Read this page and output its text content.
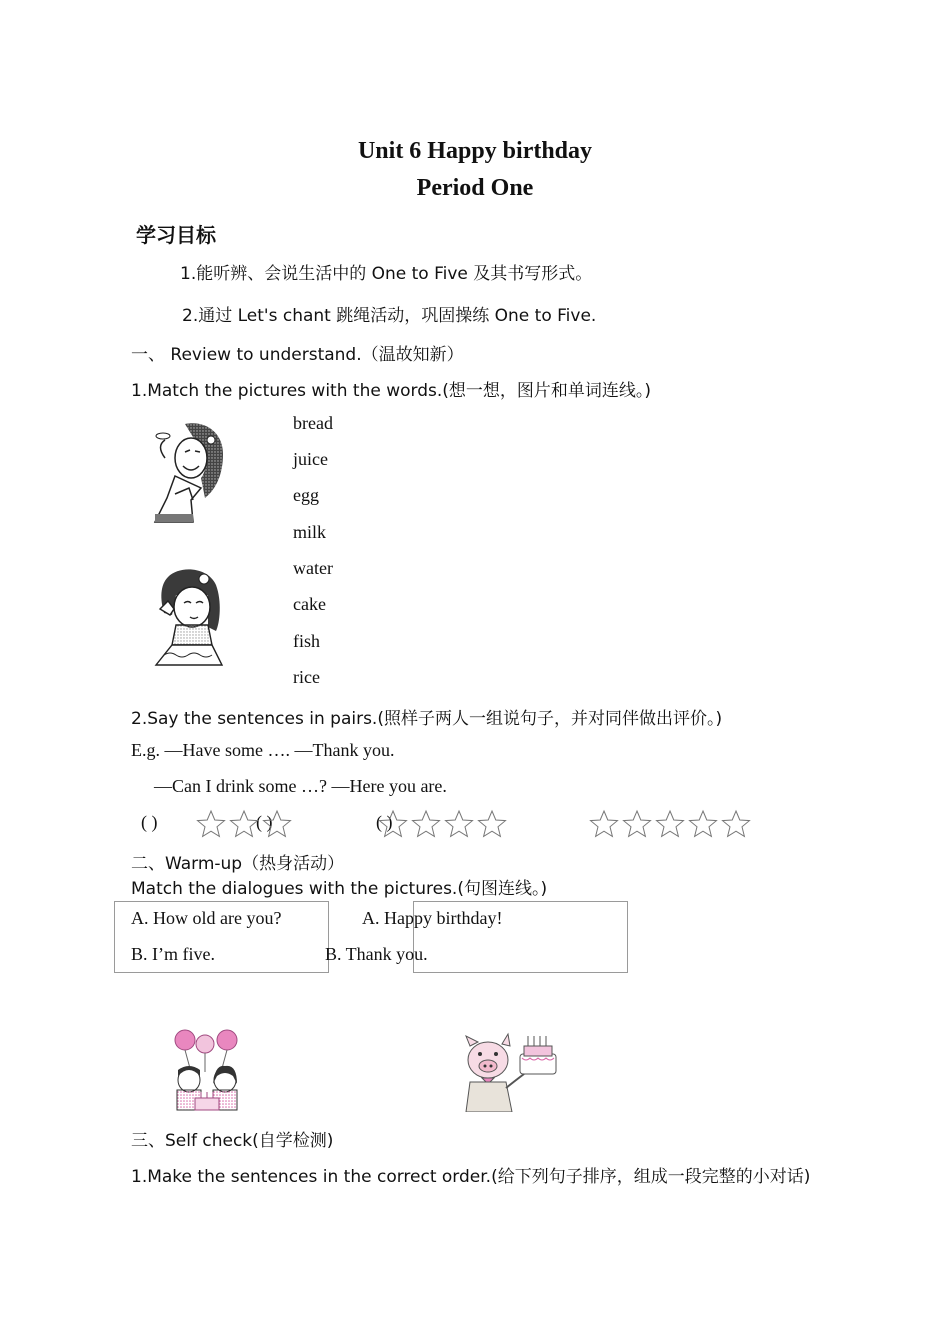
Unit 6 Happy birthday
Period One
学习目标
1.能听辨、会说生活中的 One to Five 及其书写形式。
2.通过 Let's chant 跳绳活动，巩固操练 One to Five.
一、 Review to understand.（温故知新）
1.Match the pictures with the words.(想一想，图片和单词连线。)
bread
juice
egg
milk
water
cake
fish
rice
2.Say the sentences in pairs.(照样子两人一组说句子，并对同伴做出评价。)
E.g. —Have some …. —Thank you.
—Can I drink some …? —Here you are.
( )	( )	( )
二、Warm-up（热身活动）
Match the dialogues with the pictures.(句图连线。)
A. How old are you?
B. I’m five.
A. Happy birthday!
B. Thank you.
三、Self check(自学检测)
1.Make the sentences in the correct order.(给下列句子排序，组成一段完整的小对话)
